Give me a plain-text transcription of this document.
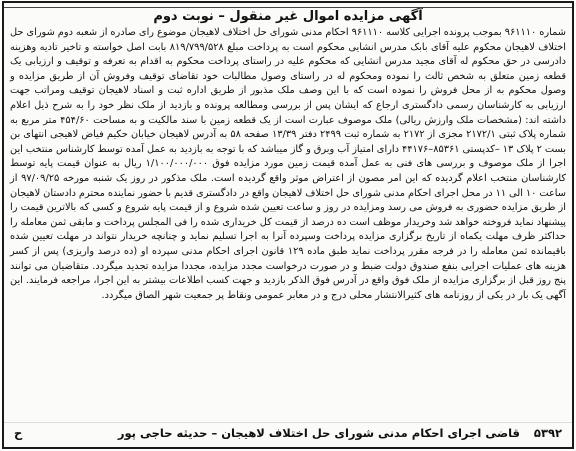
آگهی مزایده اموال غیر منقول – نوبت دوم
شماره ۹۶۱۱۱۰ بموجب پرونده اجرایی کلاسه ۹۶۱۱۱۰ احکام مدنی شورای حل اختلاف لاهیجان موضوع رای صادره از شعبه دوم شورای حل اختلاف لاهیجان محکوم علیه آقای بابک مدرس انشایی محکوم است به پرداخت مبلغ ۸۱۹/۷۹۹/۵۲۸ بابت اصل خواسته و تاخیر تادیه وهزینه دادرسی در حق محکوم له آقای مجید مدرس انشایی که محکوم علیه در راستای پرداخت محکوم به اقدام به تعرفه و توقیف و ارزیابی یک قطعه زمین متعلق به شخص ثالث را نموده ومحکوم له در راستای وصول مطالبات خود تقاضای توقیف وفروش آن از طریق مزایده و وصول محکوم به از محل فروش را نموده است که با این وصف ملک مذبور از طریق اداره ثبت و اسناد لاهیجان توقیف ومراتب جهت ارزیابی به کارشناسان رسمی دادگستری ارجاع که ایشان پس از بررسی ومطالعه پرونده و بازدید از ملک نظر خود را به شرح ذیل اعلام داشته اند: (مشخصات ملک وارزش ریالی) ملک موصوف عبارت است از یک قطعه زمین با سند مالکیت و به مساحت ۴۵۴/۶۰ متر مربع به شماره پلاک ثبتی ۲۱۷۲/۱ مجزی از ۲۱۷۲ به شماره ثبت ۲۴۹۹ دفتر ۱۳/۳۹ صفحه ۵۸ به آدرس لاهیجان خیابان حکیم فیاض لاهیجی انتهای بن بست ۲ پلاک ۱۳ –کدپستی ۸۵۳۶۱–۴۴۱۷۶ دارای امتیاز آب وبرق و گاز میباشد که با توجه به بازدید به عمل آمده توسط کارشناس منتخب این اجرا از ملک موصوف و بررسی های فنی به عمل آمده قیمت زمین مورد مزایده فوق ۱/۱۰۰/۰۰۰/۰۰۰ ریال به عنوان قیمت پایه توسط کارشناسان منتخب اعلام گردیده که این امر مصون از اعتراض موثر واقع گردیده است. ملک مذکور در روز یک شنبه مورخه ۹۷/۰۹/۲۵ از ساعت ۱۰ الی ۱۱ در محل اجرای احکام مدنی شورای حل اختلاف لاهیجان واقع در دادگستری قدیم با حضور نماینده محترم دادستان لاهیجان از طریق مزایده حضوری به فروش می رسد ومزایده در روز و ساعت تعیین شده شروع و از قیمت پایه شروع و کسی که بالاترین قیمت را پیشنهاد نماید فروخته خواهد شد وخریدار موظف است ده درصد از قیمت کل خریداری شده را فی المجلس پرداخت و مابقی ثمن معامله را حداکثر ظرف مهلت یکماه از تاریخ برگزاری مزایده پرداخت وسپرده آنرا به اجرا تسلیم نماید و چنانچه خریدار نتواند در مهلت تعیین شده باقیمانده ثمن معامله را در فرجه مقرر پرداخت نماید طبق ماده ۱۲۹ قانون اجرای احکام مدنی سپرده او (ده درصد واریزی) پس از کسر هزینه های عملیات اجرایی بنفع صندوق دولت ضبط و در صورت درخواست مجدد مزایده، مجددا مزایده تجدید میگردد. متقاضیان می توانند پنج روز قبل از برگزاری مزایده از ملک فوق واقع در آدرس فوق الذکر بازدید و جهت کسب اطلاعات بیشتر به این اجرا، مراجعه فرمایند. این آگهی یک بار در یکی از روزنامه های کثیرالانتشار محلی درج و در معابر عمومی ونقاط پر جمعیت شهر الصاق میگردد.
۵۳۹۲
قاضی اجرای احکام مدنی شورای حل اختلاف لاهیجان – حدیثه حاجی پور
ح
